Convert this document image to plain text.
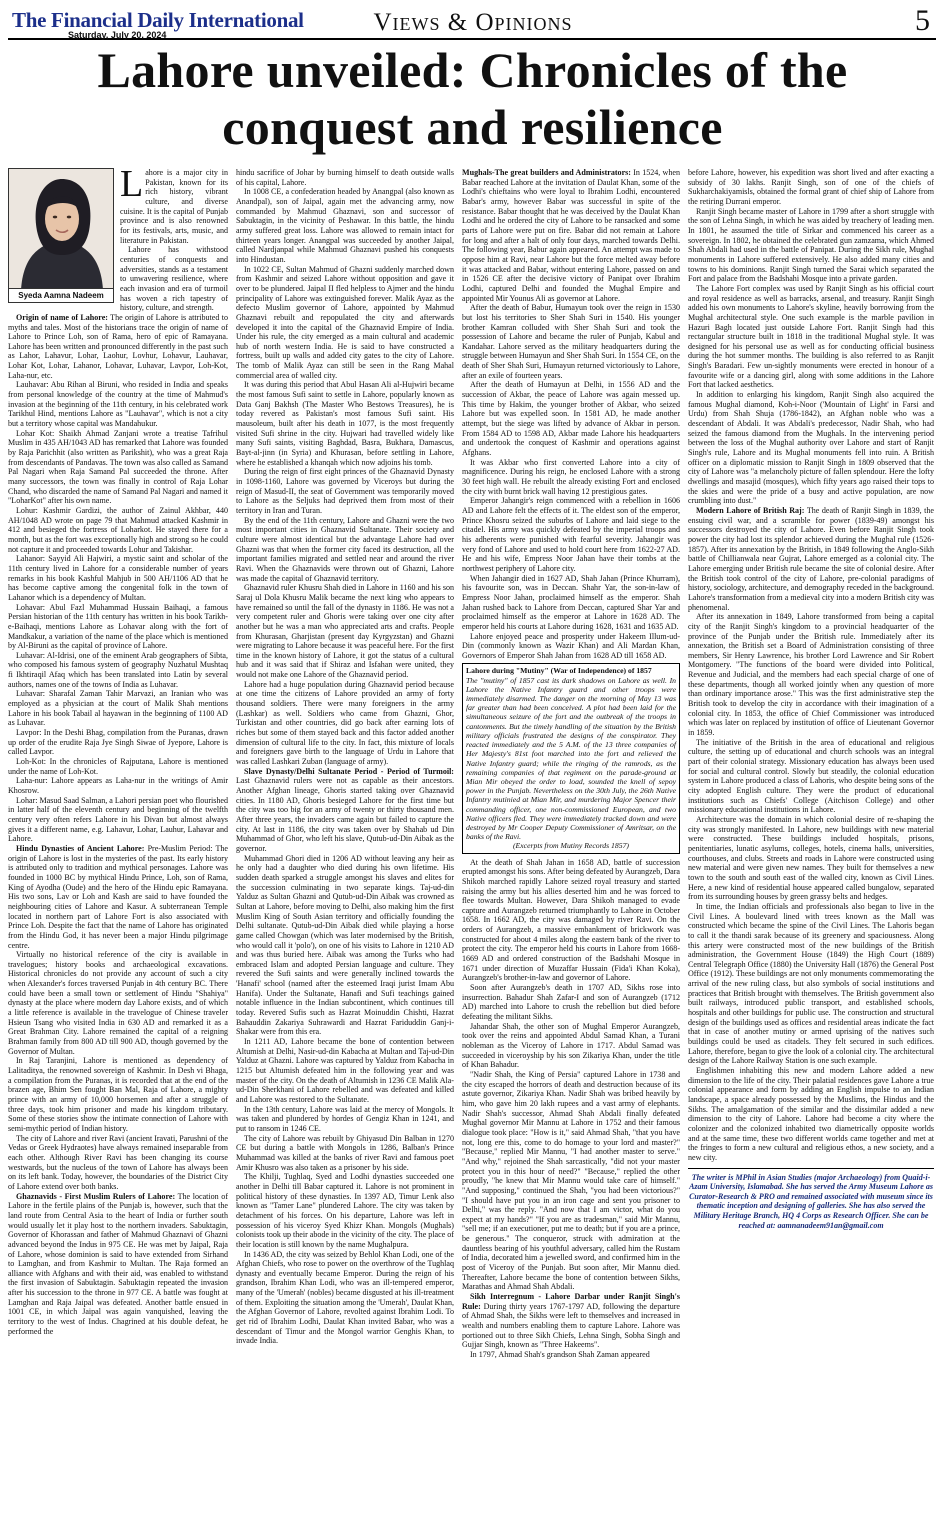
The Financial Daily International
Saturday, July 20, 2024	Views & Opinions	5
Lahore unveiled: Chronicles of the conquest and resilience
Syeda Aamna Nadeem

Lahore is a major city in Pakistan, known for its rich history, vibrant culture, and diverse cuisine. It is the capital of Punjab province and is also renowned for its festivals, arts, music, and literature in Pakistan.

Lahore has withstood centuries of conquests and adversities, stands as a testament to unwavering resilience, where each invasion and era of turmoil has woven a rich tapestry of history, culture, and strength.

Origin of name of Lahore: The origin of Lahore is attributed to myths and tales. Most of the historians trace the origin of name of Lahore to Prince Loh, son of Rama, hero of epic of Ramayana. Lahore has been written and pronounced differently in the past such as Lahor, Lahavur, Lohar, Laohur, Lovhur, Lohavur, Lauhavar, Lohar Kot, Lohar, Lahanor, Lohavar, Luhavar, Lavpor, Loh-Kot, Laha-nur, etc.

Lauhavar: Abu Rihan al Biruni, who resided in India and speaks from personal knowledge of the country at the time of Mahmud's invasion at the beginning of the 11th century, in his celebrated work Tarikhul Hind, mentions Lahore as "Lauhavar", which is not a city but a territory whose capital was Mandahukur.

Lohar Kot: Shaikh Ahmad Zanjani wrote a treatise Tafrihul Muslim in 435 AH/1043 AD has remarked that Lahore was founded by Raja Parichhit (also written as Parikshit), who was a great Raja from descendants of Pandavas. The town was also called as Samand Pal Nagari when Raja Samand Pal succeeded the throne. After many successors, the town was finally in control of Raja Lohar Chand, who discarded the name of Samand Pal Nagari and named it "LoharKot" after his own name.

Lohur: Kashmir Gardizi, the author of Zainul Akhbar, 440 AH/1048 AD wrote on page 79 that Mahmud attacked Kashmir in 412 and besieged the fortress of Loharkot. He stayed there for a month, but as the fort was exceptionally high and strong so he could not capture it and proceeded towards Lohur and Takishar.

Lahanor: Sayyid Ali Hajwiri, a mystic saint and scholar of the 11th century lived in Lahore for a considerable number of years remarks in his book Kashful Mahjub in 500 AH/1106 AD that he has become captive among the congenital folk in the town of Lahanor which is a dependency of Multan.

Lohavar: Abul Fazl Muhammad Hussain Baihaqi, a famous Persian historian of the 11th century has written in his book Tarikh-e-Baihaqi, mentions Lahore as Lohavar along with the fort of Mandkakur, a variation of the name of the place which is mentioned by Al-Biruni as the capital of province of Lahore.

Luhavar: Al-Idrisi, one of the eminent Arab geographers of Sibta, who composed his famous system of geography Nuzhatul Mushtaq fi Ikhtiraqil Afaq which has been translated into Latin by several authors, names one of the towns of India as Luhavar.

Luhavar: Sharafal Zaman Tahir Marvazi, an Iranian who was employed as a physician at the court of Malik Shah mentions Lahore in his book Tabail al hayawan in the beginning of 1100 AD as Luhavar.

Lavpor: In the Deshi Bhag, compilation from the Puranas, drawn up order of the erudite Raja Jye Singh Siwae of Jyepore, Lahore is called Lavpor.

Loh-Kot: In the chronicles of Rajputana, Lahore is mentioned under the name of Loh-Kot.

Laha-nur: Lahore appears as Laha-nur in the writings of Amir Khosrow.

Lohar: Masud Saad Salman, a Lahori persian poet who flourished in latter half of the eleventh century and beginning of the twelfth century very often refers Lahore in his Divan but almost always gives it a different name, e.g. Lahavur, Lohar, Lauhur, Lahavar and Lahore.

Hindu Dynasties of Ancient Lahore: Pre-Muslim Period: The origin of Lahore is lost in the mysteries of the past. Its early history is attributed only to tradition and mythical personages. Lahore was founded in 1000 BC by mythical Hindu Prince, Loh, son of Rama, King of Ayodha (Oude) and the hero of the Hindu epic Ramayana. His two sons, Lav or Loh and Kash are said to have founded the neighbouring cities of Lahore and Kasur. A subterranean Temple located in northern part of Lahore Fort is also associated with Prince Loh. Despite the fact that the name of Lahore has originated from the Hindu God, it has never been a major Hindu pilgrimage centre.

Virtually no historical reference of the city is available in travelogues; history books and archaeological excavations. Historical chronicles do not provide any account of such a city when Alexander's forces traversed Punjab in 4th century BC. There could have been a small town or settlement of Hindu "Shahiya" dynasty at the place where modern day Lahore exists, and of which a little reference is available in the travelogue of Chinese traveler Hsieun Tsang who visited India in 630 AD and remarked it as a Great Brahman City. Lahore remained the capital of a reigning Brahman family from 800 AD till 900 AD, though governed by the Governor of Multan.

In Raj Taranjini, Lahore is mentioned as dependency of Lalitaditya, the renowned sovereign of Kashmir. In Desh vi Bhaga, a compilation from the Puranas, it is recorded that at the end of the brazen age, Bhim Sen fought Ban Mal, Raja of Lahore, a mighty prince with an army of 10,000 horsemen and after a struggle of three days, took him prisoner and made his kingdom tributary. Some of these stories show the intimate connection of Lahore with semi-mythic period of Indian history.

The city of Lahore and river Ravi (ancient Iravati, Parushni of the Vedas or Greek Hydraotes) have always remained inseparable from each other. Although River Ravi has been changing its course westwards, but the nucleus of the town of Lahore has always been on its left bank. Today, however, the boundaries of the District City of Lahore extend over both banks.

Ghaznavids - First Muslim Rulers of Lahore: The location of Lahore in the fertile plains of the Punjab is, however, such that the land route from Central Asia to the heart of India or further south would usually let it play host to the northern invaders. Sabuktagin, Governor of Khorassan and father of Mahmud Ghaznavi of Ghazni advanced beyond the Indus in 975 CE. He was met by Jaipal, Raja of Lahore, whose dominion is said to have extended from Sirhand to Lamghan, and from Kashmir to Multan. The Raja formed an alliance with Afghans and with their aid, was enabled to withstand the first invasion of Sabuktagin. Sabuktagin repeated the invasion after his succession to the throne in 977 CE. A battle was fought at Lamghan and Raja Jaipal was defeated. Another battle ensued in 1001 CE, in which Jaipal was again vanquished, leaving the territory to the west of Indus. Chagrined at his double defeat, he performed the

hindu sacrifice of Johar by burning himself to death outside walls of his capital, Lahore.

In 1008 CE, a confederation headed by Anangpal (also known as Anandpal), son of Jaipal, again met the advancing army, now commanded by Mahmud Ghaznavi, son and successor of Sabuktagin, in the vicinity of Peshawar. In this battle, the hindu army suffered great loss. Lahore was allowed to remain intact for thirteen years longer. Anangpal was succeeded by another Jaipal, called Nardjanpal while Mahmud Ghaznavi pushed his conquests into Hindustan.

In 1022 CE, Sultan Mahmud of Ghazni suddenly marched down from Kashmir and seized Lahore without opposition and gave it over to be plundered. Jaipal II fled helpless to Ajmer and the hindu principality of Lahore was extinguished forever. Malik Ayaz as the defecto Muslim governor of Lahore, appointed by Mahmud Ghaznavi rebuilt and repopulated the city and afterwards developed it into the capital of the Ghaznavid Empire of India. Under his rule, the city emerged as a main cultural and academic hub of north western India. He is said to have constructed a fortress, built up walls and added city gates to the city of Lahore. The tomb of Malik Ayaz can still be seen in the Rang Mahal commercial area of walled city.

It was during this period that Abul Hasan Ali al-Hujwiri became the most famous Sufi saint to settle in Lahore, popularly known as Data Ganj Bakhsh (The Master Who Bestows Treasures), he is today revered as Pakistan's most famous Sufi saint. His mausoleum, built after his death in 1077, is the most frequently visited Sufi shrine in the city. Hujwari had travelled widely like many Sufi saints, visiting Baghdad, Basra, Bukhara, Damascus, Bayt-al-jinn (in Syria) and Khurasan, before settling in Lahore, where he established a khanqah which now adjoins his tomb.

During the reign of first eight princes of the Ghaznavid Dynasty in 1098-1160, Lahore was governed by Viceroys but during the reign of Masud-II, the seat of Government was temporarily moved to Lahore as the Seljuks had deprived them from most of their territory in Iran and Turan.

By the end of the 11th century, Lahore and Ghazni were the two most important cities in Ghaznavid Sultanate. Their society and culture were almost identical but the advantage Lahore had over Ghazni was that when the former city faced its destruction, all the important families migrated and settled near and around the river Ravi. When the Ghaznavids were thrown out of Ghazni, Lahore was made the capital of Ghaznavid territory.

Ghaznavid ruler Khusru Shah died in Lahore in 1160 and his son Saraj ul Dola Khusru Malik became the next king who appears to have remained so until the fall of the dynasty in 1186. He was not a very competent ruler and Ghoris were taking over one city after another but he was a man who appreciated arts and crafts. People from Khurasan, Gharjistan (present day Kyrgyzstan) and Ghazni were migrating to Lahore because it was peaceful here. For the first time in the known history of Lahore, it got the status of a cultural hub and it was said that if Shiraz and Isfahan were united, they would not make one Lahore of the Ghaznavid period.

Lahore had a huge population during Ghaznavid period because at one time the citizens of Lahore provided an army of forty thousand soldiers. There were many foreigners in the army (Lashkar) as well. Soldiers who came from Ghazni, Ghor, Turkistan and other countries, did go back after earning lots of riches but some of them stayed back and this factor added another dimension of cultural life to the city. In fact, this mixture of locals and foreigners gave birth to the language of Urdu in Lahore that was called Lashkari Zuban (language of army).

Slave Dynasty/Delhi Sultanate Period - Period of Turmoil: Last Ghaznavid rulers were not as capable as their ancestors. Another Afghan lineage, Ghoris started taking over Ghaznavid cities. In 1180 AD, Ghoris besieged Lahore for the first time but the city was too big for an army of twenty or thirty thousand men. After three years, the invaders came again but failed to capture the city. At last in 1186, the city was taken over by Shahab ud Din Muhammad of Ghor, who left his slave, Qutub-ud-Din Aibak as the governor.

Muhammad Ghori died in 1206 AD without leaving any heir as he only had a daughter who died during his own lifetime. His sudden death sparked a struggle amongst his slaves and elites for the succession culminating in two separate kings. Taj-ud-din Yalduz as Sultan Ghazni and Qutub-ud-Din Aibak was crowned as Sultan at Lahore, before moving to Delhi, also making him the first Muslim King of South Asian territory and officially founding the Delhi sultanate. Qutub-ud-Din Aibak died while playing a horse game called Chowgan (which was later modernised by the British, who would call it 'polo'), on one of his visits to Lahore in 1210 AD and was thus buried here. Aibak was among the Turks who had embraced Islam and adopted Persian language and culture. They revered the Sufi saints and were generally inclined towards the 'Hanafi' school (named after the esteemed Iraqi jurist Imam Abu Hanifa). Under the Sultanate, Hanafi and Sufi teachings gained notable influence in the Indian subcontinent, which continues till today. Revered Sufis such as Hazrat Moinuddin Chishti, Hazrat Bahauddin Zakariya Suhrawardi and Hazrat Fariduddin Ganj-i-Shakar were from this era.

In 1211 AD, Lahore became the bone of contention between Altumish at Delhi, Nasir-ud-din Kabacha at Multan and Taj-ud-Din Yalduz at Ghazni. Lahore was captured by Yalduz from Kabacha in 1215 but Altumish defeated him in the following year and was master of the city. On the death of Altumish in 1236 CE Malik Ala-ud-Din Sherkhani of Lahore rebelled and was defeated and killed and Lahore was restored to the Sultanate.

In the 13th century, Lahore was laid at the mercy of Mongols. It was taken and plundered by hordes of Gengiz Khan in 1241, and put to ransom in 1246 CE.

The city of Lahore was rebuilt by Ghiyasud Din Balban in 1270 CE but during a battle with Mongols in 1286, Balban's Prince Muhammad was killed at the banks of river Ravi and famous poet Amir Khusro was also taken as a prisoner by his side.

The Khilji, Tughlaq, Syed and Lodhi dynasties succeeded one another in Delhi till Babar captured it. Lahore is not prominent in political history of these dynasties. In 1397 AD, Timur Lenk also known as "Tamer Lane" plundered Lahore. The city was taken by detachment of his forces. On his departure, Lahore was left in possession of his viceroy Syed Khizr Khan. Mongols (Mughals) colonists took up their abode in the vicinity of the city. The place of their location is still known by the name Mughalpura.

In 1436 AD, the city was seized by Behlol Khan Lodi, one of the Afghan Chiefs, who rose to power on the overthrow of the Tughlaq dynasty and eventually became Emperor. During the reign of his grandson, Ibrahim Khan Lodi, who was an ill-tempered emperor, many of the 'Umerah' (nobles) became disgusted at his ill-treatment of them. Exploiting the situation among the 'Umerah', Daulat Khan, the Afghan Governor of Lahore, revolted against Ibrahim Lodi. To get rid of Ibrahim Lodhi, Daulat Khan invited Babar, who was a descendant of Timur and the Mongol warrior Genghis Khan, to invade India.

Mughals-The great builders and Administrators: In 1524, when Babar reached Lahore at the invitation of Daulat Khan, some of the Lodhi's chieftains who were loyal to Ibrahim Lodhi, encountered Babar's army, however Babar was successful in spite of the resistance. Babar thought that he was deceived by the Daulat Khan Lodhi and he ordered the city of Lahore to be ransacked and some parts of Lahore were put on fire. Babar did not remain at Lahore for long and after a halt of only four days, marched towards Delhi. The following year, Babur again appeared. An attempt was made to oppose him at Ravi, near Lahore but the force melted away before it was attacked and Babar, without entering Lahore, passed on and in 1526 CE after the decisive victory of Panipat over Ibrahim Lodhi, captured Delhi and founded the Mughal Empire and appointed Mir Younus Ali as governor at Lahore.

After the death of Babur, Humayun took over the reign in 1530 but lost his territories to Sher Shah Suri in 1540. His younger brother Kamran colluded with Sher Shah Suri and took the possession of Lahore and became the ruler of Punjab, Kabul and Kandahar. Lahore served as the military headquarters during the struggle between Humayun and Sher Shah Suri. In 1554 CE, on the death of Sher Shah Suri, Humayun returned victoriously to Lahore, after an exile of fourteen years.

After the death of Humayun at Delhi, in 1556 AD and the succession of Akbar, the peace of Lahore was again messed up. This time by Hakim, the younger brother of Akbar, who seized Lahore but was expelled soon. In 1581 AD, he made another attempt, but the siege was lifted by advance of Akbar in person. From 1584 AD to 1598 AD, Akbar made Lahore his headquarters and undertook the conquest of Kashmir and operations against Afghans.

It was Akbar who first converted Lahore into a city of magnificence. During his reign, he enclosed Lahore with a strong 30 feet high wall. He rebuilt the already existing Fort and enclosed the city with burnt brick wall having 12 prestigious gates.

Emperor Jahangir's reign commenced with a rebellion in 1606 AD and Lahore felt the effects of it. The eldest son of the emperor, Prince Khosru seized the suburbs of Lahore and laid siege to the citadel. His army was quickly defeated by the imperial troops and his adherents were punished with fearful severity. Jahangir was very fond of Lahore and used to hold court here from 1622-27 AD. He and his wife, Empress Noor Jahan have their tombs at the northwest periphery of Lahore city.

When Jahangir died in 1627 AD, Shah Jahan (Prince Khurram), his favourite son, was in Deccan. Shahr Yar, the son-in-law of Empress Noor Jahan, proclaimed himself as the emperor. Shah Jahan rushed back to Lahore from Deccan, captured Shar Yar and proclaimed himself as the emperor at Lahore in 1628 AD. The emperor held his courts at Lahore during 1628, 1631 and 1635 AD.

Lahore enjoyed peace and prosperity under Hakeem Illum-ud-Din (commonly known as Wazir Khan) and Ali Mardan Khan, Governors of Emperor Shah Jahan from 1628 AD till 1658 AD.

Lahore during "Mutiny" (War of Independence) of 1857
The "mutiny" of 1857 cast its dark shadows on Lahore as well. In Lahore the Native Infantry guard and other troops were immediately disarmed. The danger on the morning of May 13 was far greater than had been conceived. A plot had been laid for the simultaneous seizure of the fort and the outbreak of the troops in cantonments. But the timely handling of the situation by the British military officials frustrated the designs of the conspirator. They reacted immediately and the 5 A.M. of the 13 three companies of Her Majesty's 81st foot marched into the fort and relieved the Native Infantry guard; while the ringing of the ramrods, as the remaining companies of that regiment on the parade-ground at Mian Mir obeyed the order to load, sounded the knell of sepoy power in the Punjab. Nevertheless on the 30th July, the 26th Native Infantry mutinied at Mian Mir, and murdering Major Spencer their commanding officer, one non-commissioned European, and two Native officers fled. They were immediately tracked down and were destroyed by Mr Cooper Deputy Commissioner of Amritsar, on the banks of the Ravi.
(Excerpts from Mutiny Records 1857)

At the death of Shah Jahan in 1658 AD, battle of succession erupted amongst his sons. After being defeated by Aurangzeb, Dara Shikoh marched rapidly Lahore seized royal treasury and started raising the army but his allies deserted him and he was forced to flee towards Multan. However, Dara Shikoh managed to evade capture and Aurangzeb returned triumphantly to Lahore in October 1658. In 1662 AD, the city was damaged by river Ravi. On the orders of Aurangzeb, a massive embankment of brickwork was constructed for about 4 miles along the eastern bank of the river to protect the city. The emperor held his courts in Lahore from 1668-1669 AD and ordered construction of the Badshahi Mosque in 1671 under direction of Muzaffar Hussain (Fida'i Khan Koka), Aurangzeb's brother-in-law and governor of Lahore.

Soon after Aurangzeb's death in 1707 AD, Sikhs rose into insurrection. Bahadur Shah Zafar-I and son of Aurangzeb (1712 AD) marched into Lahore to crush the rebellion but died before defeating the militant Sikhs.

Jahandar Shah, the other son of Mughal Emperor Aurangzeb, took over the reins and appointed Abdul Samad Khan, a Turani nobleman as the Viceroy of Lahore in 1717. Abdul Samad was succeeded in viceroyship by his son Zikariya Khan, under the title of Khan Bahadur.

"Nadir Shah, the King of Persia" captured Lahore in 1738 and the city escaped the horrors of death and destruction because of its astute governor, Zikariya Khan. Nadir Shah was bribed heavily by him, who gave him 20 lakh rupees and a vast army of elephants. Nadir Shah's successor, Ahmad Shah Abdali finally defeated Mughal governor Mir Mannu at Lahore in 1752 and their famous dialogue took place: "How is it," said Ahmad Shah, "that you have not, long ere this, come to do homage to your lord and master?" "Because," replied Mir Mannu, "I had another master to serve." "And why," rejoined the Shah sarcastically, "did not your master protect you in this hour of need?" "Because," replied the other proudly, "he knew that Mir Mannu would take care of himself." "And supposing," continued the Shah, "you had been victorious?" "I should have put you in an iron cage and sent you prisoner to Delhi," was the reply. "And now that I am victor, what do you expect at my hands?" "If you are as tradesman," said Mir Mannu, "sell me; if an executioner, put me to death; but if you are a prince, be generous." The conqueror, struck with admiration at the dauntless bearing of his youthful adversary, called him the Rustam of India, decorated him a jewelled sword, and confirmed him in the post of Viceroy of the Punjab. But soon after, Mir Mannu died. Thereafter, Lahore became the bone of contention between Sikhs, Marathas and Ahmad Shah Abdali.

Sikh Interregnum - Lahore Darbar under Ranjit Singh's Rule: During thirty years 1767-1797 AD, following the departure of Ahmad Shah, the Sikhs were left to themselves and increased in wealth and numbers enabling them to capture Lahore. Lahore was portioned out to three Sikh Chiefs, Lehna Singh, Sobha Singh and Gujjar Singh, known as "Three Hakeems".

In 1797, Ahmad Shah's grandson Shah Zaman appeared

before Lahore, however, his expedition was short lived and after exacting a subsidy of 30 lakhs. Ranjit Singh, son of one of the chiefs of Sukharchakiyamisls, obtained the formal grant of chief ship of Lahore from the retiring Durrani emperor.

Ranjit Singh became master of Lahore in 1799 after a short struggle with the son of Lehna Singh, in which he was aided by treachery of leading men. In 1801, he assumed the title of Sirkar and commenced his career as a sovereign. In 1802, he obtained the celebrated gun zamzama, which Ahmed Shah Abdali had used in the battle of Panipat. During the Sikh rule, Mughal monuments in Lahore suffered extensively. He also added many cities and towns to his dominions. Ranjit Singh turned the Sarai which separated the Fort and palace from the Badshahi Mosque into a private garden.

The Lahore Fort complex was used by Ranjit Singh as his official court and royal residence as well as barracks, arsenal, and treasury. Ranjit Singh added his own monuments to Lahore's skyline, heavily borrowing from the Mughal architectural style. One such example is the marble pavilion in Hazuri Bagh located just outside Lahore Fort. Ranjit Singh had this rectangular structure built in 1818 in the traditional Mughal style. It was designed for his personal use as well as for conducting official business during the hot summer months. The building is also referred to as Ranjit Singh's Baradari. Few un-sightly monuments were erected in honour of a favourite wife or a dancing girl, along with some additions in the Lahore Fort that lacked aesthetics.

In addition to enlarging his kingdom, Ranjit Singh also acquired the famous Mughal diamond, Koh-i-Noor ('Mountain of Light' in Farsi and Urdu) from Shah Shuja (1786-1842), an Afghan noble who was a descendant of Abdali. It was Abdali's predecessor, Nadir Shah, who had seized the famous diamond from the Mughals. In the intervening period between the loss of the Mughal authority over Lahore and start of Ranjit Singh's rule, Lahore and its Mughal monuments fell into ruin. A British officer on a diplomatic mission to Ranjit Singh in 1809 observed that the city of Lahore was "a melancholy picture of fallen splendour. Here the lofty dwellings and masajid (mosques), which fifty years ago raised their tops to the skies and were the pride of a busy and active population, are now crumbling into dust."

Modern Lahore of British Raj: The death of Ranjit Singh in 1839, the ensuing civil war, and a scramble for power (1839-49) amongst his successors destroyed the city of Lahore. Even before Ranjit Singh took power the city had lost its splendor achieved during the Mughal rule (1526-1857). After its annexation by the British, in 1849 following the Anglo-Sikh battle of Chillianwala near Gujrat, Lahore emerged as a colonial city. The Lahore emerging under British rule became the site of colonial desire. After the British took control of the city of Lahore, pre-colonial paradigms of history, sociology, architecture, and demography receded in the background. Lahore's transformation from a medieval city into a modern British city was phenomenal.

After its annexation in 1849, Lahore transformed from being a capital city of the Ranjit Singh's kingdom to a provincial headquarter of the province of the Punjab under the British rule. Immediately after its annexation, the British set a Board of Administration consisting of three members, Sir Henry Lawrence, his brother Lord Lawrence and Sir Robert Montgomery. "The functions of the board were divided into Political, Revenue and Judicial, and the members had each special charge of one of these departments, though all worked jointly when any question of more than ordinary importance arose." This was the first administrative step the British took to develop the city in accordance with their imagination of a colonial city. In 1853, the office of Chief Commissioner was introduced which was later on replaced by institution of office of Lieutenant Governor in 1859.

The initiative of the British in the area of educational and religious culture, the setting up of educational and church schools was an integral part of their colonial strategy. Missionary education has always been used for social and cultural control. Slowly but steadily, the colonial education system in Lahore produced a class of Lahoris, who despite being sons of the city adopted English culture. They were the product of educational institutions such as Chiefs' College (Aitchison College) and other missionary educational institutions in Lahore.

Architecture was the domain in which colonial desire of re-shaping the city was strongly manifested. In Lahore, new buildings with new material were constructed. These buildings included hospitals, prisons, penitentiaries, lunatic asylums, colleges, hotels, cinema halls, universities, courthouses, and clubs. Streets and roads in Lahore were constructed using new material and were given new names. They built for themselves a new town to the south and south east of the walled city, known as Civil Lines. Here, a new kind of residential house appeared called bungalow, separated from its surrounding houses by green grassy belts and hedges.

In time, the Indian officials and professionals also began to live in the Civil Lines. A boulevard lined with trees known as the Mall was constructed which became the spine of the Civil Lines. The Lahoris began to call it the thandi sarak because of its greenery and spaciousness. Along this artery were constructed most of the new buildings of the British administration, the Government House (1849) the High Court (1889) Central Telegraph Office (1880) the University Hall (1876) the General Post Office (1912). These buildings are not only monuments commemorating the arrival of the new ruling class, but also symbols of social institutions and practices that British brought with themselves. The British government also built railways, introduced public transport, and established schools, hospitals and other buildings for public use. The construction and structural design of the buildings used as offices and residential areas indicate the fact that in case of another mutiny or armed uprising of the natives such buildings could be used as citadels. They felt secured in such edifices. Lahore, therefore, began to give the look of a colonial city. The architectural design of the Lahore Railway Station is one such example.

Englishmen inhabiting this new and modern Lahore added a new dimension to the life of the city. Their palatial residences gave Lahore a true colonial appearance and form by adding an English impulse to an Indian landscape, a space already possessed by the Muslims, the Hindus and the Sikhs. The amalgamation of the similar and the dissimilar added a new dimension to the city of Lahore. Lahore had become a city where the colonizer and the colonized inhabited two diametrically opposite worlds and at the same time, these two different worlds came together and met at the fringes to form a new cultural and religious ethos, a new society, and a new city.

The writer is MPhil in Asian Studies (major Archaeology) from Quaid-i-Azam University, Islamabad. She has served the Army Museum Lahore as Curator-Research & PRO and remained associated with museum since its thematic inception and designing of galleries. She has also served the Military Heritage Branch, HQ 4 Corps as Research Officer. She can be reached at: aamnanadeem91an@gmail.com
